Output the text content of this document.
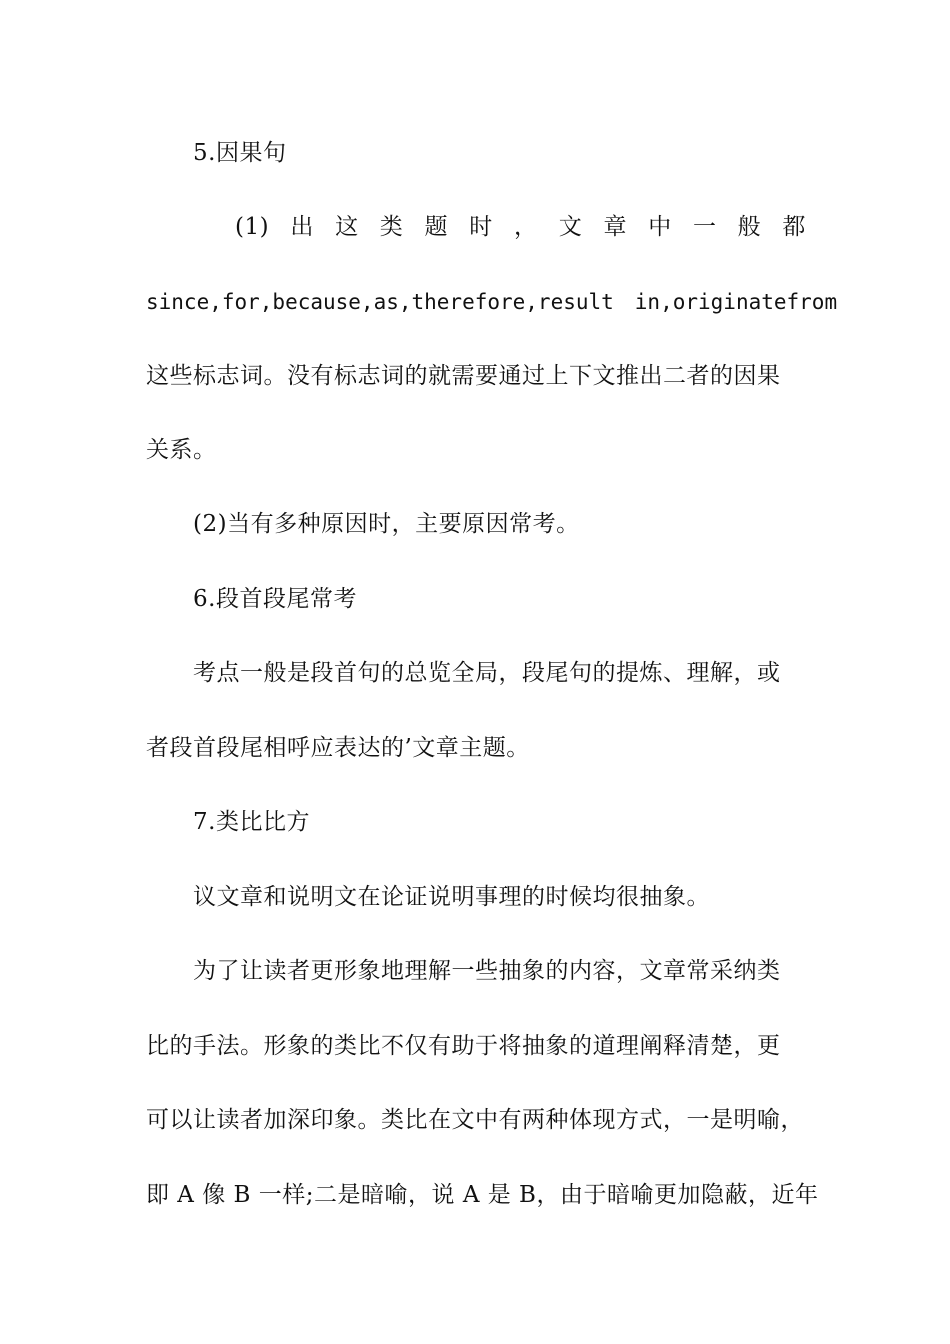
5.因果句
(1) 出 这 类 题 时 ， 文 章 中 一 般 都
since,for,because,as,therefore,result　in,originatefrom
这些标志词。没有标志词的就需要通过上下文推出二者的因果
关系。
(2)当有多种原因时，主要原因常考。
6.段首段尾常考
考点一般是段首句的总览全局，段尾句的提炼、理解，或
者段首段尾相呼应表达的’文章主题。
7.类比比方
议文章和说明文在论证说明事理的时候均很抽象。
为了让读者更形象地理解一些抽象的内容，文章常采纳类
比的手法。形象的类比不仅有助于将抽象的道理阐释清楚，更
可以让读者加深印象。类比在文中有两种体现方式，一是明喻，
即 A 像 B 一样;二是暗喻，说 A 是 B，由于暗喻更加隐蔽，近年
